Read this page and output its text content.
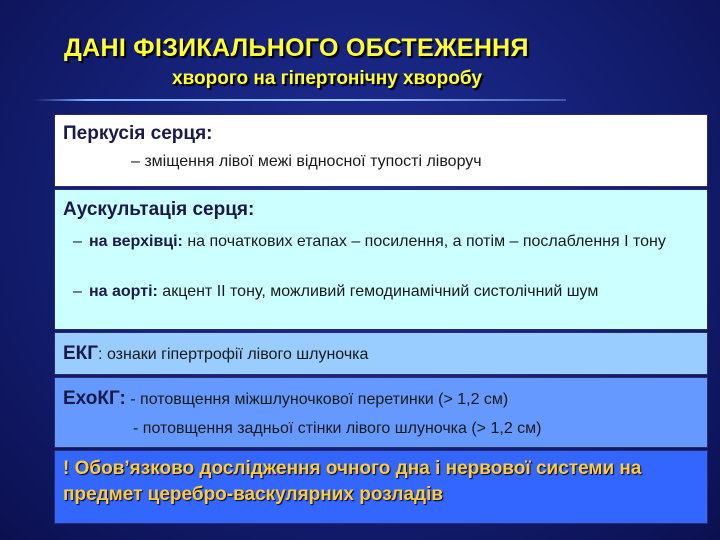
ДАНІ ФІЗИКАЛЬНОГО ОБСТЕЖЕННЯ
хворого на гіпертонічну хворобу
Перкусія серця:
– зміщення лівої межі відносної тупості ліворуч
Аускультація серця:
– на верхівці: на початкових етапах – посилення, а потім – послаблення І тону
– на аорті: акцент ІІ тону, можливий гемодинамічний систолічний шум
ЕКГ: ознаки гіпертрофії лівого шлуночка
ЕхоКГ: - потовщення міжшлуночкової перетинки (> 1,2 см)
- потовщення задньої стінки лівого шлуночка (> 1,2 см)
! Обов’язково дослідження очного дна і нервової системи на предмет церебро-васкулярних розладів
